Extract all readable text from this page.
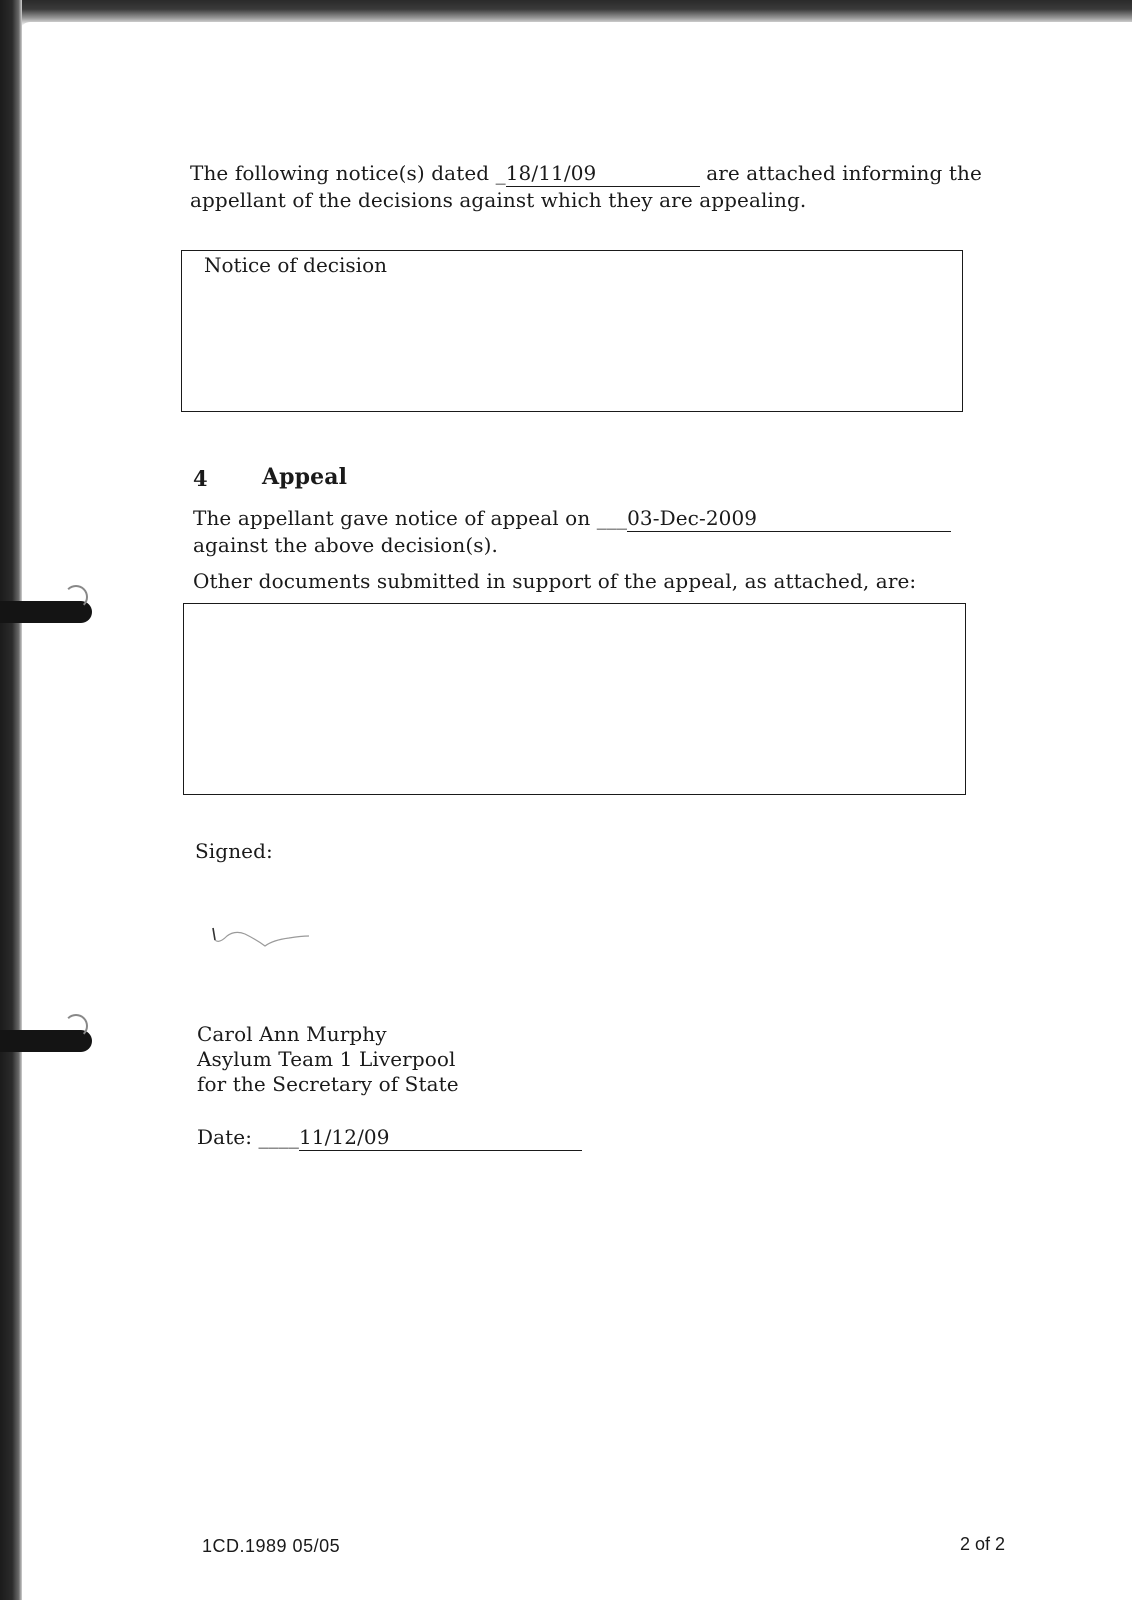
The following notice(s) dated _18/11/09	are attached informing the appellant of the decisions against which they are appealing.
Notice of decision
4 Appeal
The appellant gave notice of appeal on ___03-Dec-2009 against the above decision(s).
Other documents submitted in support of the appeal, as attached, are:
Signed:
Carol Ann Murphy
Asylum Team 1 Liverpool
for the Secretary of State
Date: ____11/12/09
1CD.1989 05/05	2 of 2
